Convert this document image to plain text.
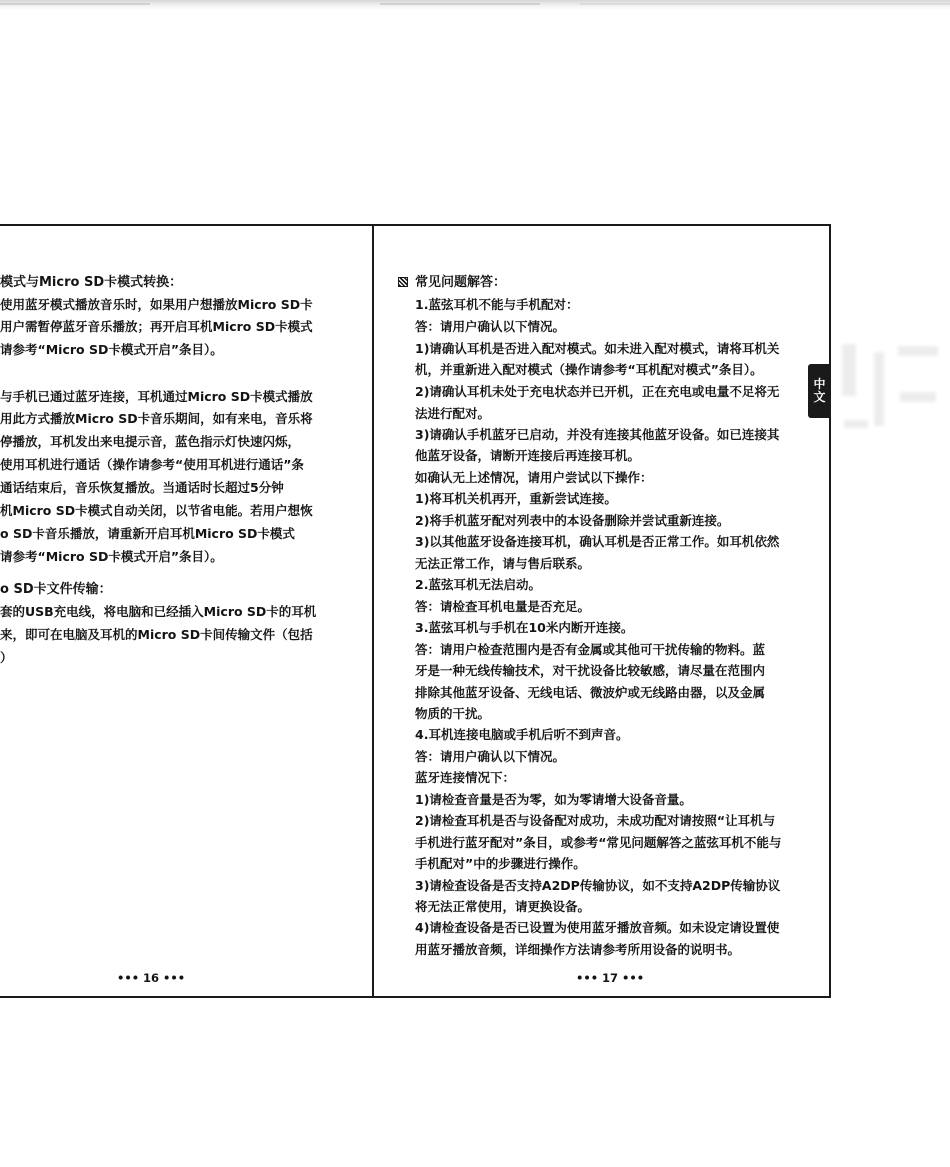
模式与Micro SD卡模式转换：
使用蓝牙模式播放音乐时，如果用户想播放Micro SD卡
用户需暂停蓝牙音乐播放；再开启耳机Micro SD卡模式
请参考“Micro SD卡模式开启”条目）。
与手机已通过蓝牙连接，耳机通过Micro SD卡模式播放
用此方式播放Micro SD卡音乐期间，如有来电，音乐将
停播放，耳机发出来电提示音，蓝色指示灯快速闪烁，
使用耳机进行通话（操作请参考“使用耳机进行通话”条
通话结束后，音乐恢复播放。当通话时长超过5分钟
机Micro SD卡模式自动关闭，以节省电能。若用户想恢
o SD卡音乐播放，请重新开启耳机Micro SD卡模式
请参考“Micro SD卡模式开启”条目）。
o SD卡文件传输：
套的USB充电线，将电脑和已经插入Micro SD卡的耳机
来，即可在电脑及耳机的Micro SD卡间传输文件（包括
）
••• 16 •••
常见问题解答：
1.蓝弦耳机不能与手机配对：
答：请用户确认以下情况。
1)请确认耳机是否进入配对模式。如未进入配对模式，请将耳机关
机，并重新进入配对模式（操作请参考“耳机配对模式”条目）。
2)请确认耳机未处于充电状态并已开机，正在充电或电量不足将无
法进行配对。
3)请确认手机蓝牙已启动，并没有连接其他蓝牙设备。如已连接其
他蓝牙设备，请断开连接后再连接耳机。
如确认无上述情况，请用户尝试以下操作：
1)将耳机关机再开，重新尝试连接。
2)将手机蓝牙配对列表中的本设备删除并尝试重新连接。
3)以其他蓝牙设备连接耳机，确认耳机是否正常工作。如耳机依然
无法正常工作，请与售后联系。
2.蓝弦耳机无法启动。
答：请检查耳机电量是否充足。
3.蓝弦耳机与手机在10米内断开连接。
答：请用户检查范围内是否有金属或其他可干扰传输的物料。蓝
牙是一种无线传输技术，对干扰设备比较敏感，请尽量在范围内
排除其他蓝牙设备、无线电话、微波炉或无线路由器，以及金属
物质的干扰。
4.耳机连接电脑或手机后听不到声音。
答：请用户确认以下情况。
蓝牙连接情况下：
1)请检查音量是否为零，如为零请增大设备音量。
2)请检查耳机是否与设备配对成功，未成功配对请按照“让耳机与
手机进行蓝牙配对”条目，或参考“常见问题解答之蓝弦耳机不能与
手机配对”中的步骤进行操作。
3)请检查设备是否支持A2DP传输协议，如不支持A2DP传输协议
将无法正常使用，请更换设备。
4)请检查设备是否已设置为使用蓝牙播放音频。如未设定请设置使
用蓝牙播放音频，详细操作方法请参考所用设备的说明书。
••• 17 •••
中文
